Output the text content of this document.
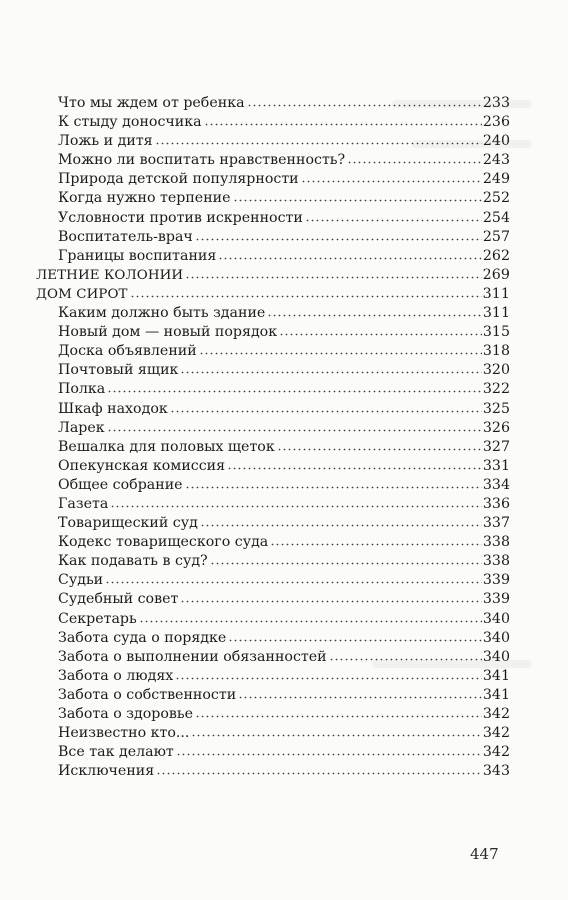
Что мы ждем от ребенка	233
К стыду доносчика	236
Ложь и дитя	240
Можно ли воспитать нравственность?	243
Природа детской популярности	249
Когда нужно терпение	252
Условности против искренности	254
Воспитатель-врач	257
Границы воспитания	262
ЛЕТНИЕ КОЛОНИИ	269
ДОМ СИРОТ	311
Каким должно быть здание	311
Новый дом — новый порядок	315
Доска объявлений	318
Почтовый ящик	320
Полка	322
Шкаф находок	325
Ларек	326
Вешалка для половых щеток	327
Опекунская комиссия	331
Общее собрание	334
Газета	336
Товарищеский суд	337
Кодекс товарищеского суда	338
Как подавать в суд?	338
Судьи	339
Судебный совет	339
Секретарь	340
Забота суда о порядке	340
Забота о выполнении обязанностей	340
Забота о людях	341
Забота о собственности	341
Забота о здоровье	342
Неизвестно кто...	342
Все так делают	342
Исключения	343
447
